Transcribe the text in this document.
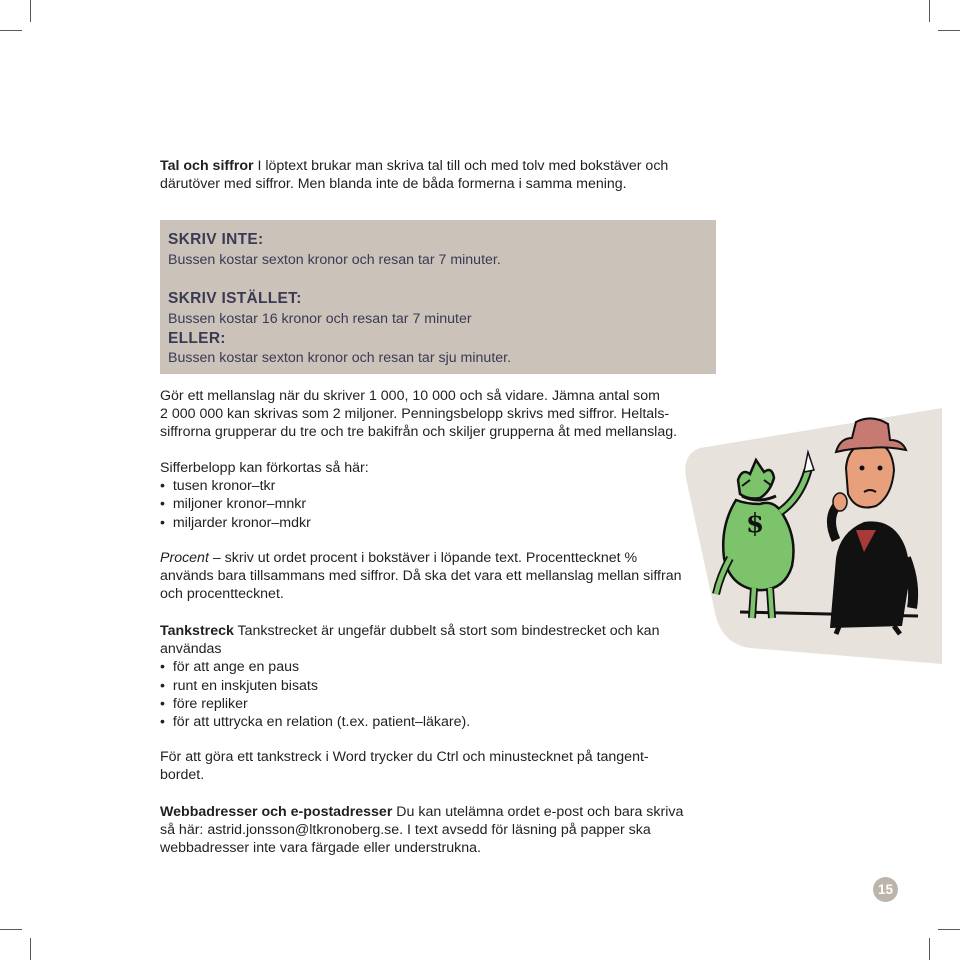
Tal och siffror I löptext brukar man skriva tal till och med tolv med bokstäver och
därutöver med siffror. Men blanda inte de båda formerna i samma mening.

SKRIV INTE:

Bussen kostar sexton kronor och resan tar 7 minuter.

SKRIV ISTÄLLET:

Bussen kostar 16 kronor och resan tar 7 minuter

ELLER:

Bussen kostar sexton kronor och resan tar sju minuter.

Gör ett mellanslag när du skriver 1 000, 10 000 och så vidare. Jämna antal som
2 000 000 kan skrivas som 2 miljoner. Penningsbelopp skrivs med siffror. Heltals-
siffrorna grupperar du tre och tre bakifrån och skiljer grupperna åt med mellanslag.

Sifferbelopp kan förkortas så här:
•  tusen kronor–tkr
•  miljoner kronor–mnkr
•  miljarder kronor–mdkr

Procent – skriv ut ordet procent i bokstäver i löpande text. Procenttecknet %
används bara tillsammans med siffror. Då ska det vara ett mellanslag mellan siffran
och procenttecknet.

Tankstreck Tankstrecket är ungefär dubbelt så stort som bindestrecket och kan
användas
•  för att ange en paus
•  runt en inskjuten bisats
•  före repliker
•  för att uttrycka en relation (t.ex. patient–läkare).

För att göra ett tankstreck i Word trycker du Ctrl och minustecknet på tangent-
bordet.

Webbadresser och e-postadresser Du kan utelämna ordet e-post och bara skriva
så här: astrid.jonsson@ltkronoberg.se. I text avsedd för läsning på papper ska
webbadresser inte vara färgade eller understrukna.

$
15
